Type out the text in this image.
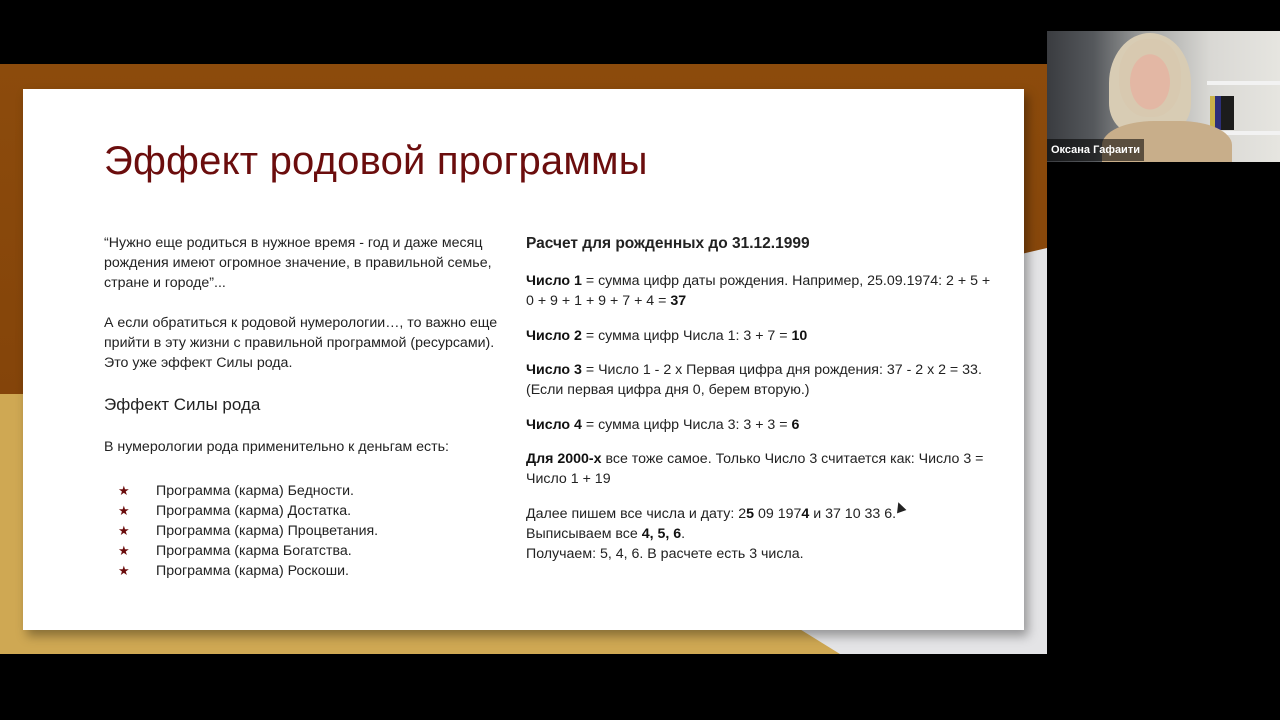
Эффект родовой программы

“Нужно еще родиться в нужное время - год и даже месяц рождения имеют огромное значение, в правильной семье, стране и городе”...

А если обратиться к родовой нумерологии…, то важно еще прийти в эту жизни с правильной программой (ресурсами). Это уже эффект Силы рода.

Эффект Силы рода

В нумерологии рода применительно к деньгам есть:

★ Программа (карма) Бедности.
★ Программа (карма) Достатка.
★ Программа (карма) Процветания.
★ Программа (карма Богатства.
★ Программа (карма) Роскоши.

Расчет для рожденных до 31.12.1999

Число 1 = сумма цифр даты рождения. Например, 25.09.1974: 2 + 5 + 0 + 9 + 1 + 9 + 7 + 4 = 37

Число 2 = сумма цифр Числа 1: 3 + 7 = 10

Число 3 = Число 1 - 2 x Первая цифра дня рождения: 37 - 2 x 2 = 33. (Если первая цифра дня 0, берем вторую.)

Число 4 = сумма цифр Числа 3: 3 + 3 = 6

Для 2000-х все тоже самое. Только Число 3 считается как: Число 3 = Число 1 + 19

Далее пишем все числа и дату: 25 09 1974 и 37 10 33 6.
Выписываем все 4, 5, 6.
Получаем: 5, 4, 6. В расчете есть 3 числа.

Оксана Гафаити
